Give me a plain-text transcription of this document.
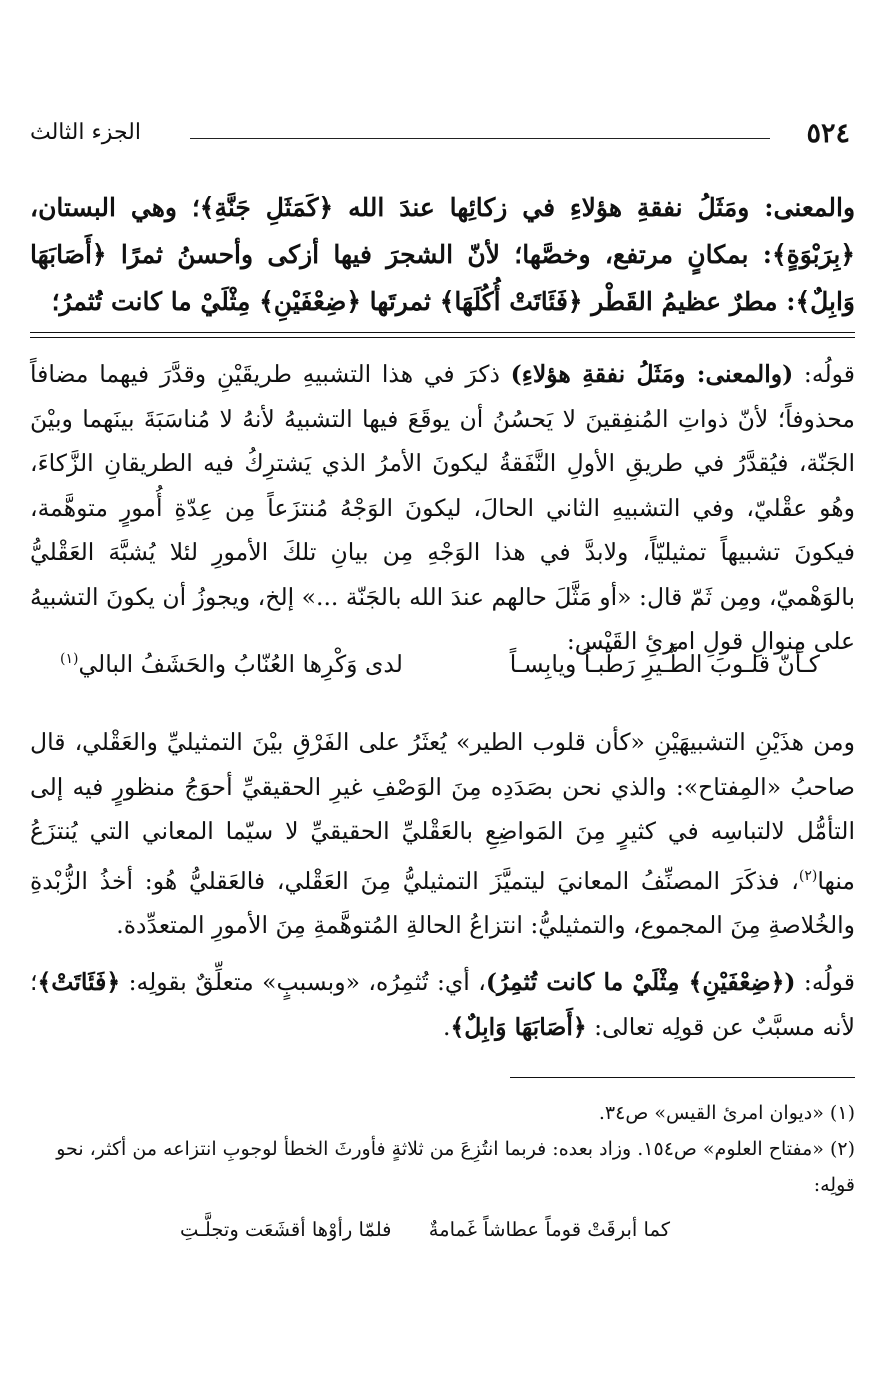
٥٢٤
الجزء الثالث

والمعنى: ومَثَلُ نفقةِ هؤلاءِ في زكائِها عندَ الله ﴿كَمَثَلِ جَنَّةِ﴾؛ وهي البستان، ﴿بِرَبْوَةٍ﴾: بمكانٍ مرتفع، وخصَّها؛ لأنّ الشجرَ فيها أزكى وأحسنُ ثمرًا ﴿أَصَابَهَا وَابِلٌ﴾: مطرٌ عظيمُ القَطْر ﴿فَئَاتَتْ أُكُلَهَا﴾ ثمرتَها ﴿ضِعْفَيْنِ﴾ مِثْلَيْ ما كانت تُثمرُ؛

قولُه: (والمعنى: ومَثَلُ نفقةِ هؤلاءِ) ذكرَ في هذا التشبيهِ طريقَيْنِ وقدَّرَ فيهما مضافاً محذوفاً؛ لأنّ ذواتِ المُنفِقينَ لا يَحسُنُ أن يوقَعَ فيها التشبيهُ لأنهُ لا مُناسَبَةَ بينَهما وبيْنَ الجَنّة، فيُقدَّرُ في طريقِ الأولِ النَّفَقةُ ليكونَ الأمرُ الذي يَشترِكُ فيه الطريقانِ الزَّكاءَ، وهُو عقْليّ، وفي التشبيهِ الثاني الحالَ، ليكونَ الوَجْهُ مُنتزَعاً مِن عِدّةِ أُمورٍ متوهَّمة، فيكونَ تشبيهاً تمثيليّاً، ولابدَّ في هذا الوَجْهِ مِن بيانِ تلكَ الأمورِ لئلا يُشبَّهَ العَقْليُّ بالوَهْميّ، ومِن ثَمّ قال: «أو مَثَّلَ حالهم عندَ الله بالجَنّة ...» إلخ، ويجوزُ أن يكونَ التشبيهُ على مِنوالِ قولِ امرئِ القَيْس:

كـأنّ قلـوبَ الطَّـيرِ رَطْبـاً ويابِسـاً
لدى وَكْرِها العُنّابُ والحَشَفُ البالي$^{(١)}$

ومن هذَيْنِ التشبيهَيْنِ «كأن قلوب الطير» يُعثَرُ على الفَرْقِ بيْنَ التمثيليِّ والعَقْلي، قال صاحبُ «المِفتاح»: والذي نحن بصَدَدِه مِنَ الوَصْفِ غيرِ الحقيقيِّ أحوَجُ منظورٍ فيه إلى التأمُّل لالتباسِه في كثيرٍ مِنَ المَواضِعِ بالعَقْليِّ الحقيقيِّ لا سيّما المعاني التي يُنتزَعُ منها$^{(٢)}$، فذكَرَ المصنِّفُ المعانيَ ليتميَّزَ التمثيليُّ مِنَ العَقْلي، فالعَقليُّ هُو: أخذُ الزُّبْدةِ والخُلاصةِ مِنَ المجموع، والتمثيليُّ: انتزاعُ الحالةِ المُتوهَّمةِ مِنَ الأمورِ المتعدِّدة.

قولُه: (﴿ضِعْفَيْنِ﴾ مِثْلَيْ ما كانت تُثمِرُ)، أي: تُثمِرُه، «وبسببٍ» متعلِّقٌ بقولِه: ﴿فَئَاتَتْ﴾؛ لأنه مسبَّبٌ عن قولِه تعالى: ﴿أَصَابَهَا وَابِلٌ﴾.

(١) «ديوان امرئ القيس» ص٣٤.

(٢) «مفتاح العلوم» ص١٥٤. وزاد بعده: فربما انتُزِعَ من ثلاثةٍ فأورثَ الخطأ لوجوبِ انتزاعه من أكثر، نحو قولِه:

كما أبرقَتْ قوماً عطاشاً غَمامةٌ
فلمّا رأوْها أقشَعَت وتجلَّـتِ
